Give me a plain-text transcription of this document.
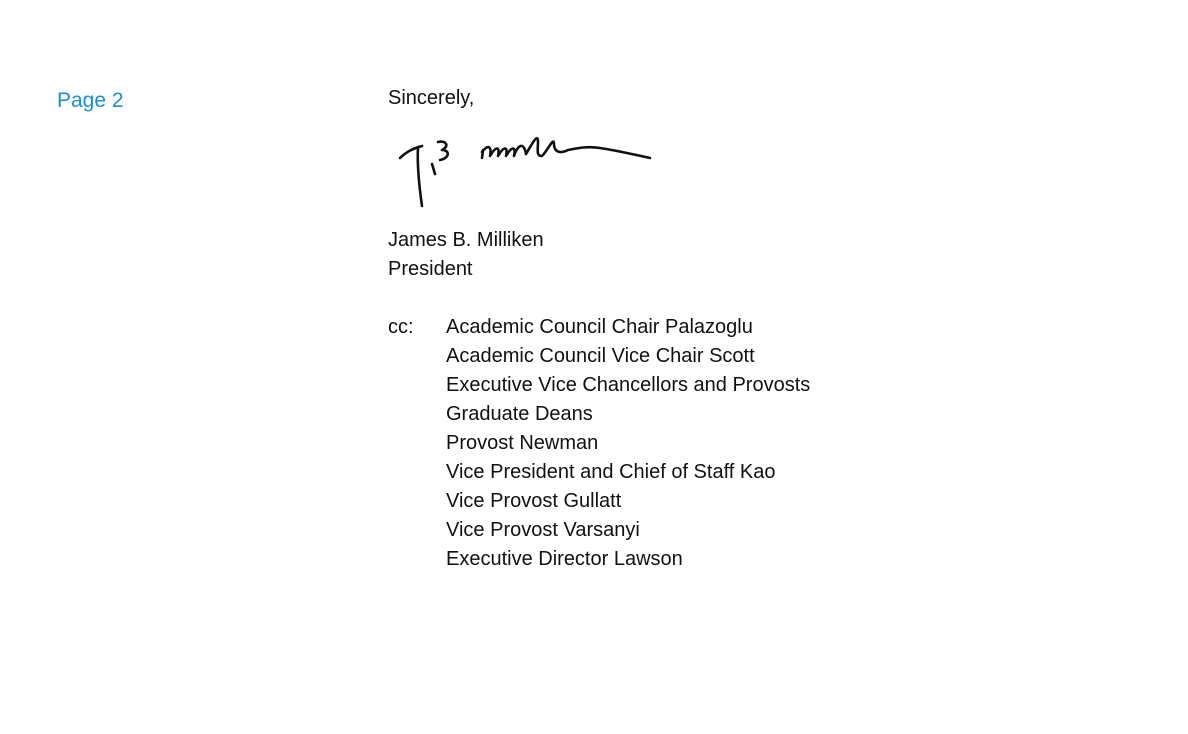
Page 2	Sincerely,

James B. Milliken
President
cc:	Academic Council Chair Palazoglu
Academic Council Vice Chair Scott
Executive Vice Chancellors and Provosts
Graduate Deans
Provost Newman
Vice President and Chief of Staff Kao
Vice Provost Gullatt
Vice Provost Varsanyi
Executive Director Lawson
